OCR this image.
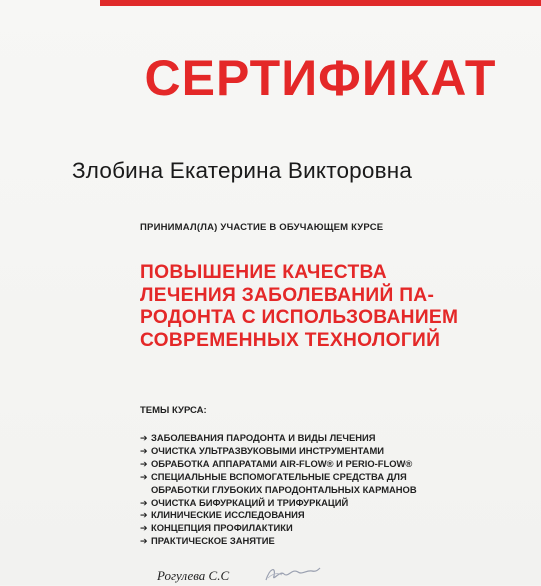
СЕРТИФИКАТ
Злобина Екатерина Викторовна
ПРИНИМАЛ(ЛА) УЧАСТИЕ В ОБУЧАЮЩЕМ КУРСЕ
ПОВЫШЕНИЕ КАЧЕСТВА
ЛЕЧЕНИЯ ЗАБОЛЕВАНИЙ ПА-
РОДОНТА С ИСПОЛЬЗОВАНИЕМ
СОВРЕМЕННЫХ ТЕХНОЛОГИЙ
ТЕМЫ КУРСА:
➔ ЗАБОЛЕВАНИЯ ПАРОДОНТА И ВИДЫ ЛЕЧЕНИЯ
➔ ОЧИСТКА УЛЬТРАЗВУКОВЫМИ ИНСТРУМЕНТАМИ
➔ ОБРАБОТКА АППАРАТАМИ AIR-FLOW® И PERIO-FLOW®
➔ СПЕЦИАЛЬНЫЕ ВСПОМОГАТЕЛЬНЫЕ СРЕДСТВА ДЛЯ
ОБРАБОТКИ ГЛУБОКИХ ПАРОДОНТАЛЬНЫХ КАРМАНОВ
➔ ОЧИСТКА БИФУРКАЦИЙ И ТРИФУРКАЦИЙ
➔ КЛИНИЧЕСКИЕ ИССЛЕДОВАНИЯ
➔ КОНЦЕПЦИЯ ПРОФИЛАКТИКИ
➔ ПРАКТИЧЕСКОЕ ЗАНЯТИЕ
Рогулева С.С
